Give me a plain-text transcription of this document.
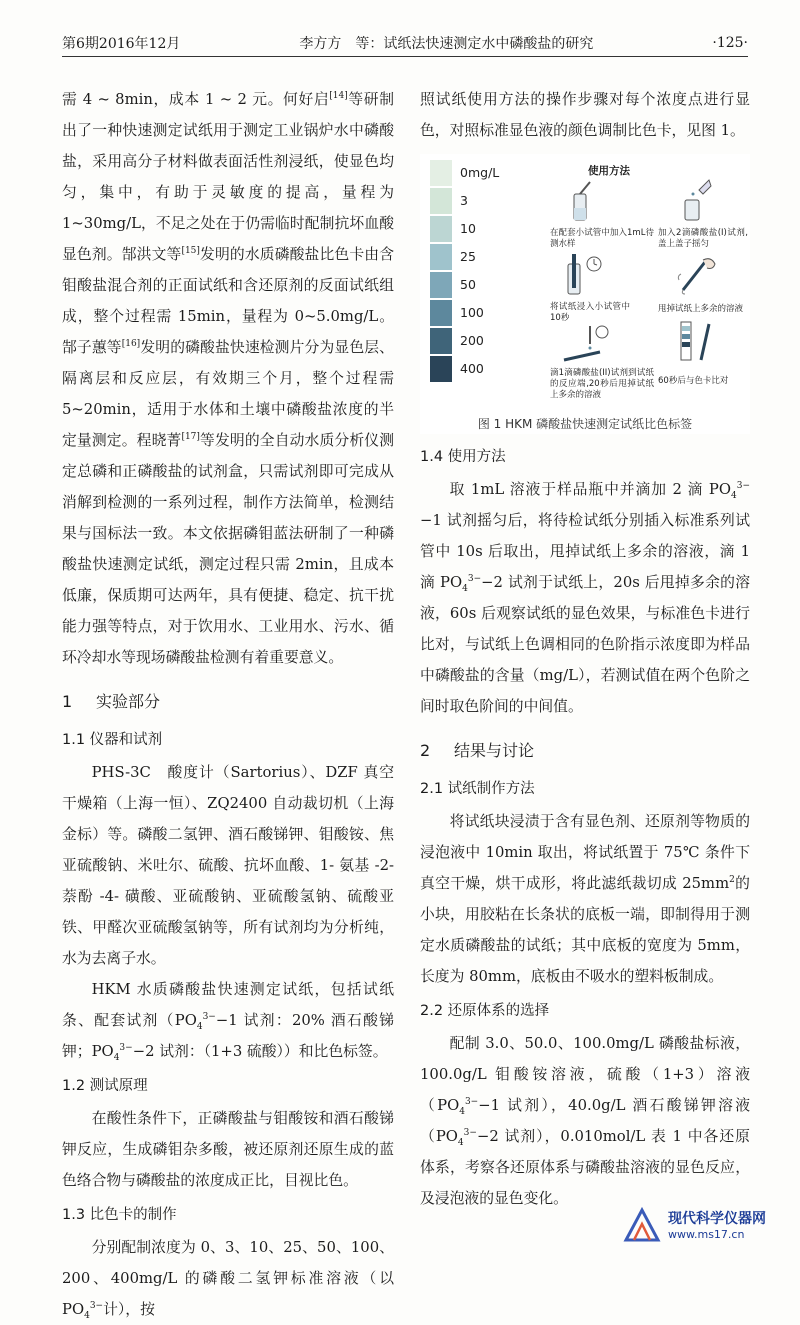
第6期2016年12月	李方方　等：试纸法快速测定水中磷酸盐的研究	·125·

需 4 ~ 8min，成本 1 ~ 2 元。何好启[14]等研制出了一种快速测定试纸用于测定工业锅炉水中磷酸盐，采用高分子材料做表面活性剂浸纸，使显色均匀，集中，有助于灵敏度的提高，量程为 1~30mg/L，不足之处在于仍需临时配制抗坏血酸显色剂。郜洪文等[15]发明的水质磷酸盐比色卡由含钼酸盐混合剂的正面试纸和含还原剂的反面试纸组成，整个过程需 15min，量程为 0~5.0mg/L。郜子蕙等[16]发明的磷酸盐快速检测片分为显色层、隔离层和反应层，有效期三个月，整个过程需 5~20min，适用于水体和土壤中磷酸盐浓度的半定量测定。程晓菁[17]等发明的全自动水质分析仪测定总磷和正磷酸盐的试剂盒，只需试剂即可完成从消解到检测的一系列过程，制作方法简单，检测结果与国标法一致。本文依据磷钼蓝法研制了一种磷酸盐快速测定试纸，测定过程只需 2min，且成本低廉，保质期可达两年，具有便捷、稳定、抗干扰能力强等特点，对于饮用水、工业用水、污水、循环冷却水等现场磷酸盐检测有着重要意义。

1 实验部分
1.1 仪器和试剂

PHS-3C　酸度计（Sartorius）、DZF 真空干燥箱（上海一恒）、ZQ2400 自动裁切机（上海金标）等。磷酸二氢钾、酒石酸锑钾、钼酸铵、焦亚硫酸钠、米吐尔、硫酸、抗坏血酸、1- 氨基 -2- 萘酚 -4- 磺酸、亚硫酸钠、亚硫酸氢钠、硫酸亚铁、甲醛次亚硫酸氢钠等，所有试剂均为分析纯，水为去离子水。

HKM 水质磷酸盐快速测定试纸，包括试纸条、配套试剂（$PO_4^{3-}-1$ 试剂：20% 酒石酸锑钾；$PO_4^{3-}-2$ 试剂：（1+3 硫酸））和比色标签。

1.2 测试原理

在酸性条件下，正磷酸盐与钼酸铵和酒石酸锑钾反应，生成磷钼杂多酸，被还原剂还原生成的蓝色络合物与磷酸盐的浓度成正比，目视比色。

1.3 比色卡的制作

分别配制浓度为 0、3、10、25、50、100、200、400mg/L 的磷酸二氢钾标准溶液（以 $PO_4^{3-}$计），按

照试纸使用方法的操作步骤对每个浓度点进行显色，对照标准显色液的颜色调制比色卡，见图 1。

0mg/L
3
10
25
50
100
200
400
使用方法
在配套小试管中加入1mL待测水样
加入2滴磷酸盐(I)试剂,盖上盖子摇匀
将试纸浸入小试管中10秒
甩掉试纸上多余的溶液
滴1滴磷酸盐(II)试剂到试纸的反应端,20秒后甩掉试纸上多余的溶液
60秒后与色卡比对
图 1 HKM 磷酸盐快速测定试纸比色标签
1.4 使用方法

取 1mL 溶液于样品瓶中并滴加 2 滴 $PO_4^{3-}-1$ 试剂摇匀后，将待检试纸分别插入标准系列试管中 10s 后取出，甩掉试纸上多余的溶液，滴 1 滴 $PO_4^{3-}-2$ 试剂于试纸上，20s 后甩掉多余的溶液，60s 后观察试纸的显色效果，与标准色卡进行比对，与试纸上色调相同的色阶指示浓度即为样品中磷酸盐的含量（mg/L），若测试值在两个色阶之间时取色阶间的中间值。

2 结果与讨论
2.1 试纸制作方法

将试纸块浸渍于含有显色剂、还原剂等物质的浸泡液中 10min 取出，将试纸置于 75℃ 条件下真空干燥，烘干成形，将此滤纸裁切成 $25mm^2$的小块，用胶粘在长条状的底板一端，即制得用于测定水质磷酸盐的试纸；其中底板的宽度为 5mm，长度为 80mm，底板由不吸水的塑料板制成。

2.2 还原体系的选择

配制 3.0、50.0、100.0mg/L 磷酸盐标液，100.0g/L 钼酸铵溶液，硫酸（1+3）溶液（$PO_4^{3-}-1$ 试剂），40.0g/L 酒石酸锑钾溶液（$PO_4^{3-}-2$ 试剂），0.010mol/L 表 1 中各还原体系，考察各还原体系与磷酸盐溶液的显色反应，及浸泡液的显色变化。

现代科学仪器网
www.ms17.cn
